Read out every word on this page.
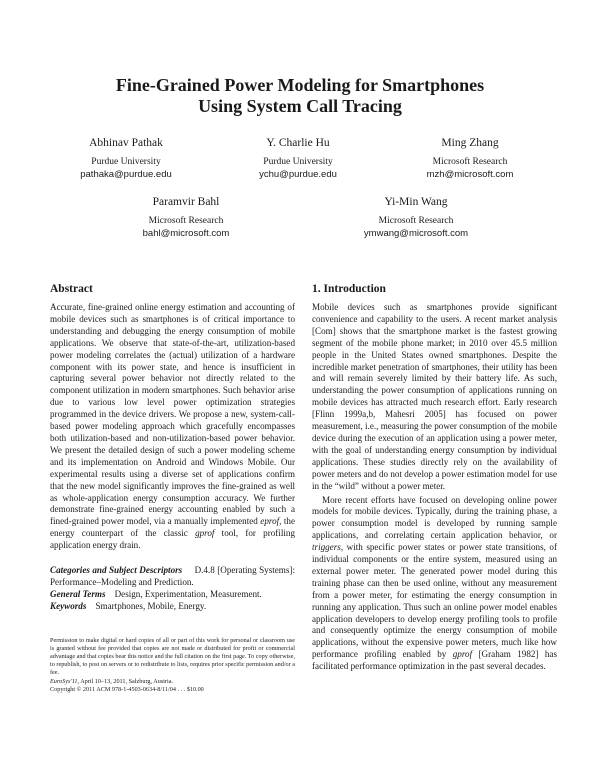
Fine-Grained Power Modeling for Smartphones
Using System Call Tracing
Abhinav Pathak
Purdue University
pathaka@purdue.edu
Y. Charlie Hu
Purdue University
ychu@purdue.edu
Ming Zhang
Microsoft Research
mzh@microsoft.com
Paramvir Bahl
Microsoft Research
bahl@microsoft.com
Yi-Min Wang
Microsoft Research
ymwang@microsoft.com
Abstract

Accurate, fine-grained online energy estimation and accounting of mobile devices such as smartphones is of critical importance to understanding and debugging the energy consumption of mobile applications. We observe that state-of-the-art, utilization-based power modeling correlates the (actual) utilization of a hardware component with its power state, and hence is insufficient in capturing several power behavior not directly related to the component utilization in modern smartphones. Such behavior arise due to various low level power optimization strategies programmed in the device drivers. We propose a new, system-call-based power modeling approach which gracefully encompasses both utilization-based and non-utilization-based power behavior. We present the detailed design of such a power modeling scheme and its implementation on Android and Windows Mobile. Our experimental results using a diverse set of applications confirm that the new model significantly improves the fine-grained as well as whole-application energy consumption accuracy. We further demonstrate fine-grained energy accounting enabled by such a fined-grained power model, via a manually implemented eprof, the energy counterpart of the classic gprof tool, for profiling application energy drain.

Categories and Subject Descriptors D.4.8 [Operating Systems]: Performance–Modeling and Prediction.
General Terms Design, Experimentation, Measurement.
Keywords Smartphones, Mobile, Energy.
Permission to make digital or hard copies of all or part of this work for personal or classroom use is granted without fee provided that copies are not made or distributed for profit or commercial advantage and that copies bear this notice and the full citation on the first page. To copy otherwise, to republish, to post on servers or to redistribute to lists, requires prior specific permission and/or a fee.
EuroSys'11, April 10–13, 2011, Salzburg, Austria.
Copyright © 2011 ACM 978-1-4503-0634-8/11/04 . . . $10.00
1. Introduction

Mobile devices such as smartphones provide significant convenience and capability to the users. A recent market analysis [Com] shows that the smartphone market is the fastest growing segment of the mobile phone market; in 2010 over 45.5 million people in the United States owned smartphones. Despite the incredible market penetration of smartphones, their utility has been and will remain severely limited by their battery life. As such, understanding the power consumption of applications running on mobile devices has attracted much research effort. Early research [Flinn 1999a,b, Mahesri 2005] has focused on power measurement, i.e., measuring the power consumption of the mobile device during the execution of an application using a power meter, with the goal of understanding energy consumption by individual applications. These studies directly rely on the availability of power meters and do not develop a power estimation model for use in the “wild” without a power meter.

More recent efforts have focused on developing online power models for mobile devices. Typically, during the training phase, a power consumption model is developed by running sample applications, and correlating certain application behavior, or triggers, with specific power states or power state transitions, of individual components or the entire system, measured using an external power meter. The generated power model during this training phase can then be used online, without any measurement from a power meter, for estimating the energy consumption in running any application. Thus such an online power model enables application developers to develop energy profiling tools to profile and consequently optimize the energy consumption of mobile applications, without the expensive power meters, much like how performance profiling enabled by gprof [Graham 1982] has facilitated performance optimization in the past several decades.
